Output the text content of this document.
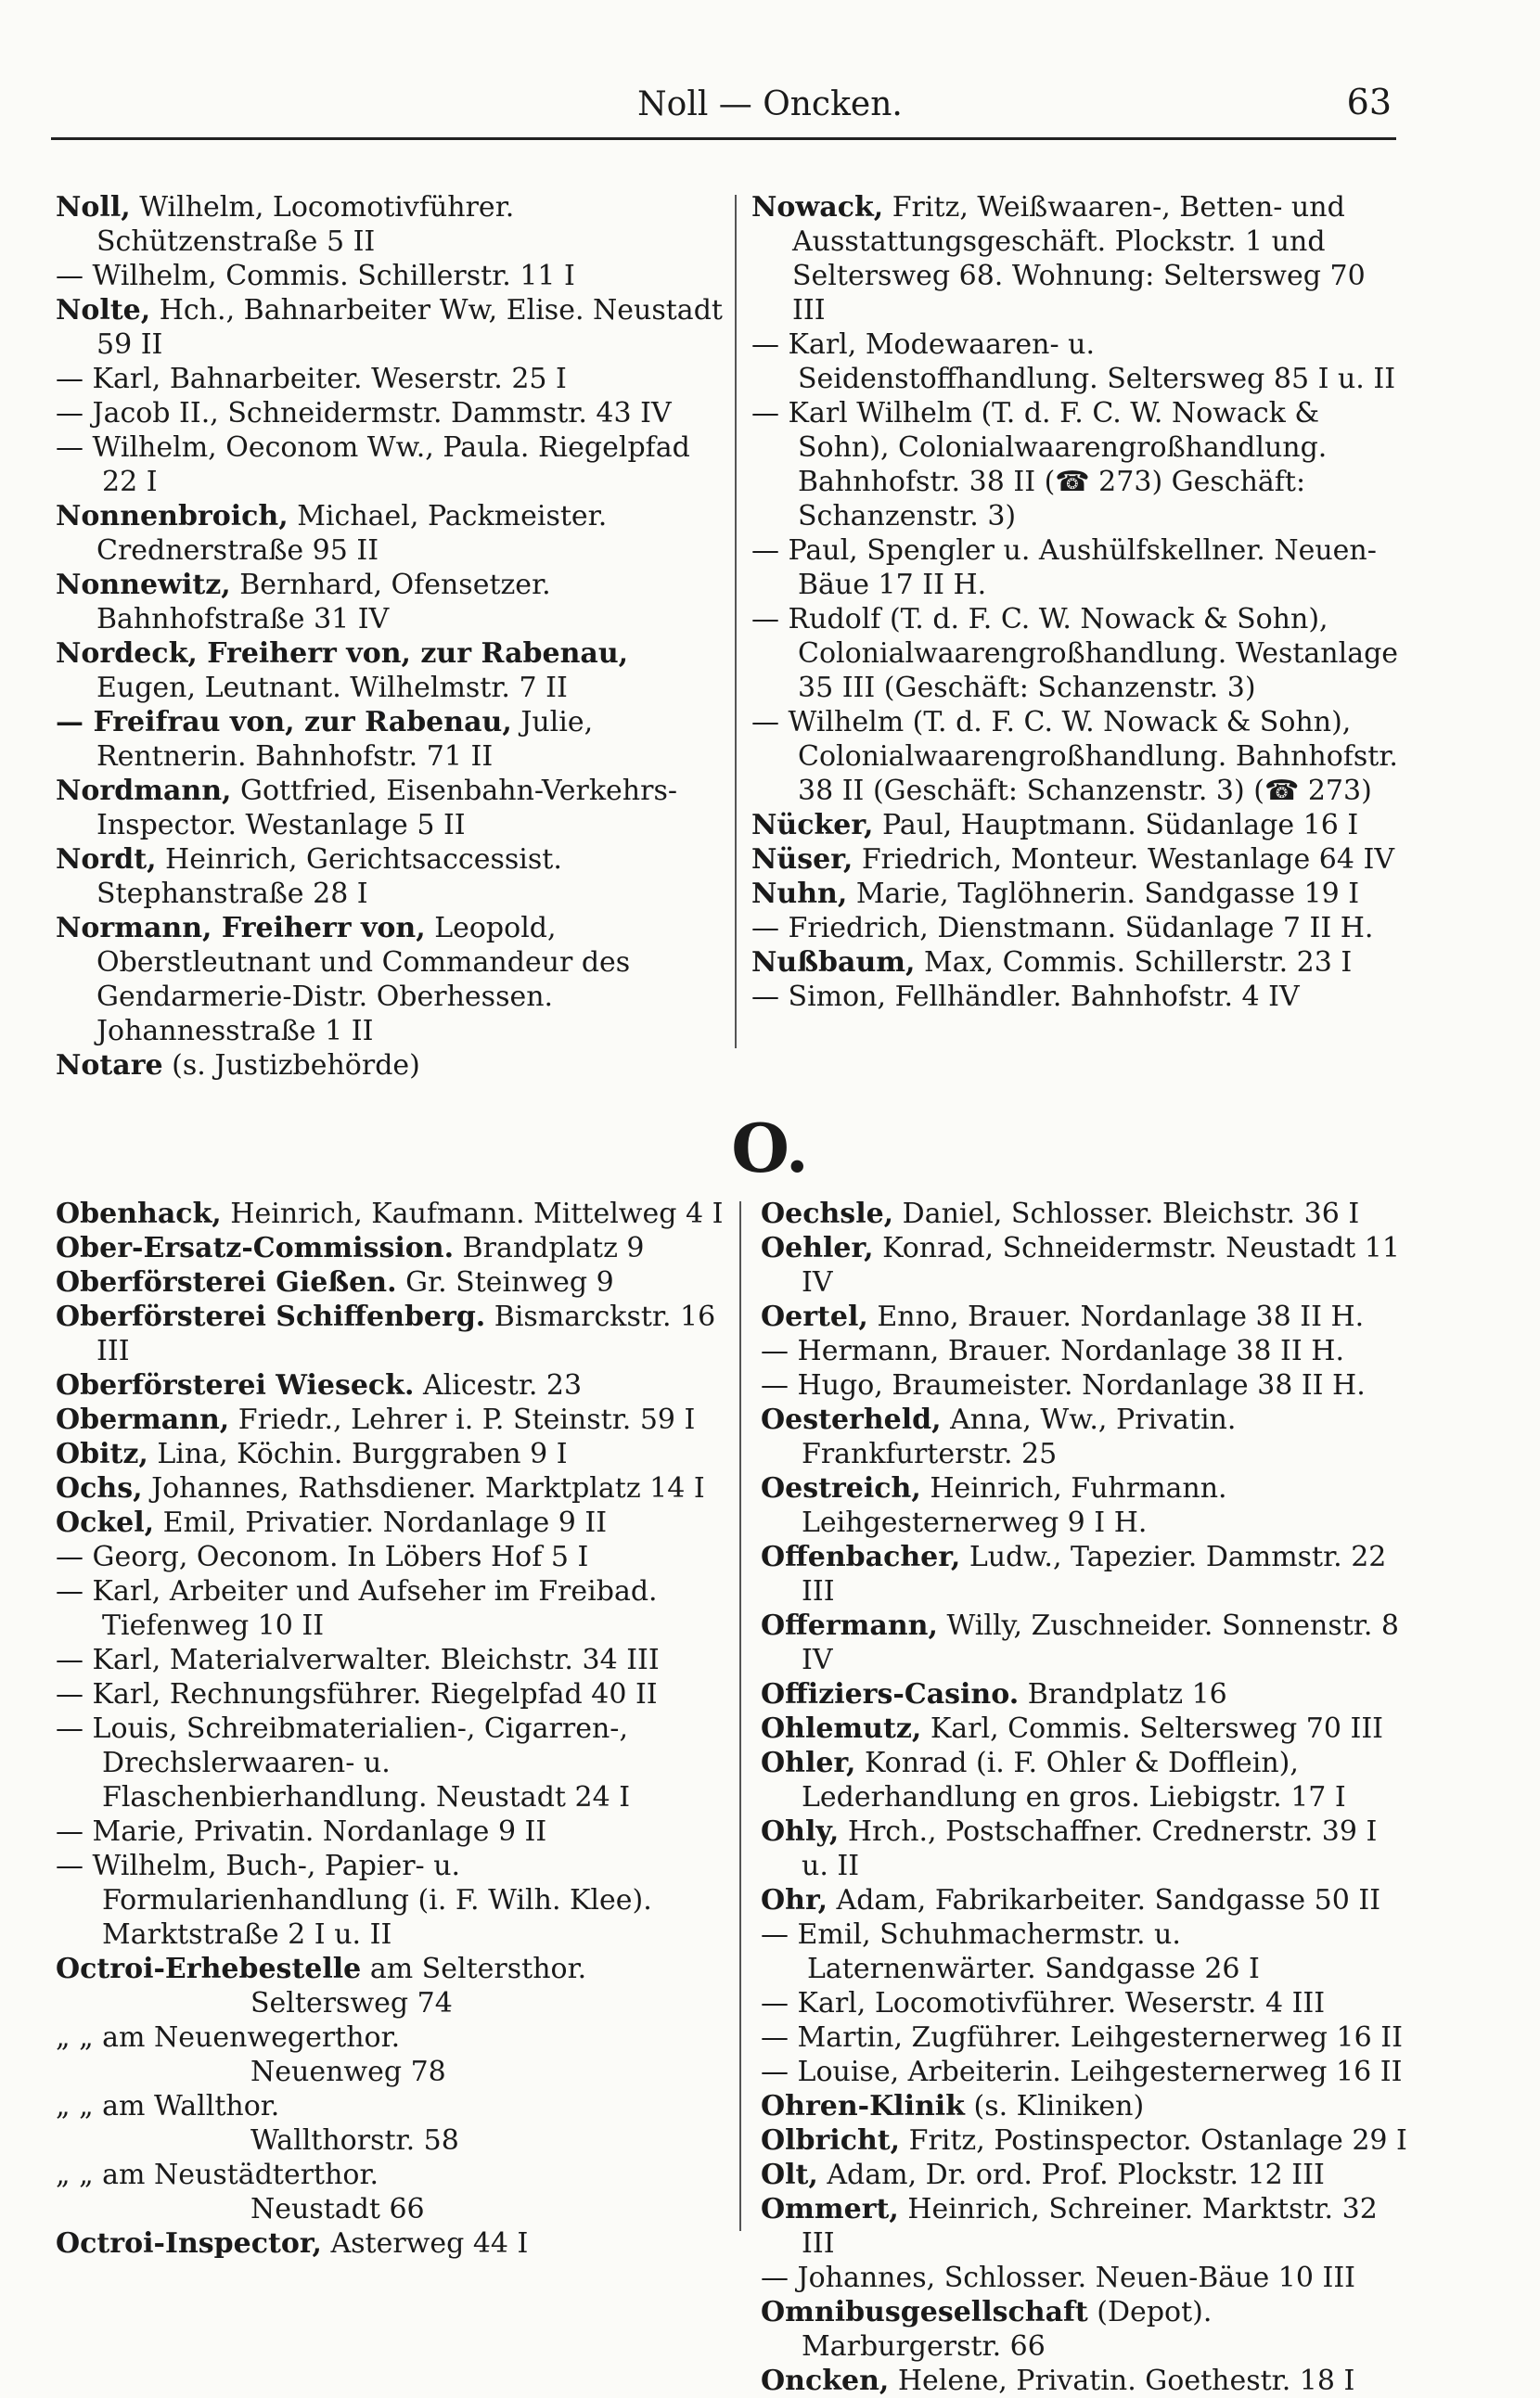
Noll — Oncken.	63

Noll, Wilhelm, Locomotivführer. Schützenstraße 5 II

— Wilhelm, Commis. Schillerstr. 11 I

Nolte, Hch., Bahnarbeiter Ww, Elise. Neustadt 59 II

— Karl, Bahnarbeiter. Weserstr. 25 I

— Jacob II., Schneidermstr. Dammstr. 43 IV

— Wilhelm, Oeconom Ww., Paula. Riegelpfad 22 I

Nonnenbroich, Michael, Packmeister. Crednerstraße 95 II

Nonnewitz, Bernhard, Ofensetzer. Bahnhofstraße 31 IV

Nordeck, Freiherr von, zur Rabenau, Eugen, Leutnant. Wilhelmstr. 7 II

— Freifrau von, zur Rabenau, Julie, Rentnerin. Bahnhofstr. 71 II

Nordmann, Gottfried, Eisenbahn-Verkehrs-Inspector. Westanlage 5 II

Nordt, Heinrich, Gerichtsaccessist. Stephanstraße 28 I

Normann, Freiherr von, Leopold, Oberstleutnant und Commandeur des Gendarmerie-Distr. Oberhessen. Johannesstraße 1 II

Notare (s. Justizbehörde)

Nowack, Fritz, Weißwaaren-, Betten- und Ausstattungsgeschäft. Plockstr. 1 und Seltersweg 68. Wohnung: Seltersweg 70 III

— Karl, Modewaaren- u. Seidenstoffhandlung. Seltersweg 85 I u. II

— Karl Wilhelm (T. d. F. C. W. Nowack & Sohn), Colonialwaarengroßhandlung. Bahnhofstr. 38 II (☎ 273) Geschäft: Schanzenstr. 3)

— Paul, Spengler u. Aushülfskellner. Neuen-Bäue 17 II H.

— Rudolf (T. d. F. C. W. Nowack & Sohn), Colonialwaarengroßhandlung. Westanlage 35 III (Geschäft: Schanzenstr. 3)

— Wilhelm (T. d. F. C. W. Nowack & Sohn), Colonialwaarengroßhandlung. Bahnhofstr. 38 II (Geschäft: Schanzenstr. 3) (☎ 273)

Nücker, Paul, Hauptmann. Südanlage 16 I

Nüser, Friedrich, Monteur. Westanlage 64 IV

Nuhn, Marie, Taglöhnerin. Sandgasse 19 I

— Friedrich, Dienstmann. Südanlage 7 II H.

Nußbaum, Max, Commis. Schillerstr. 23 I

— Simon, Fellhändler. Bahnhofstr. 4 IV

O.

Obenhack, Heinrich, Kaufmann. Mittelweg 4 I

Ober-Ersatz-Commission. Brandplatz 9

Oberförsterei Gießen. Gr. Steinweg 9

Oberförsterei Schiffenberg. Bismarckstr. 16 III

Oberförsterei Wieseck. Alicestr. 23

Obermann, Friedr., Lehrer i. P. Steinstr. 59 I

Obitz, Lina, Köchin. Burggraben 9 I

Ochs, Johannes, Rathsdiener. Marktplatz 14 I

Ockel, Emil, Privatier. Nordanlage 9 II

— Georg, Oeconom. In Löbers Hof 5 I

— Karl, Arbeiter und Aufseher im Freibad. Tiefenweg 10 II

— Karl, Materialverwalter. Bleichstr. 34 III

— Karl, Rechnungsführer. Riegelpfad 40 II

— Louis, Schreibmaterialien-, Cigarren-, Drechslerwaaren- u. Flaschenbierhandlung. Neustadt 24 I

— Marie, Privatin. Nordanlage 9 II

— Wilhelm, Buch-, Papier- u. Formularienhandlung (i. F. Wilh. Klee). Marktstraße 2 I u. II

Octroi-Erhebestelle am Seltersthor.

Seltersweg 74

„ „ am Neuenwegerthor.

Neuenweg 78

„ „ am Wallthor.

Wallthorstr. 58

„ „ am Neustädterthor.

Neustadt 66

Octroi-Inspector, Asterweg 44 I

Oechsle, Daniel, Schlosser. Bleichstr. 36 I

Oehler, Konrad, Schneidermstr. Neustadt 11 IV

Oertel, Enno, Brauer. Nordanlage 38 II H.

— Hermann, Brauer. Nordanlage 38 II H.

— Hugo, Braumeister. Nordanlage 38 II H.

Oesterheld, Anna, Ww., Privatin. Frankfurterstr. 25

Oestreich, Heinrich, Fuhrmann. Leihgesternerweg 9 I H.

Offenbacher, Ludw., Tapezier. Dammstr. 22 III

Offermann, Willy, Zuschneider. Sonnenstr. 8 IV

Offiziers-Casino. Brandplatz 16

Ohlemutz, Karl, Commis. Seltersweg 70 III

Ohler, Konrad (i. F. Ohler & Dofflein), Lederhandlung en gros. Liebigstr. 17 I

Ohly, Hrch., Postschaffner. Crednerstr. 39 I u. II

Ohr, Adam, Fabrikarbeiter. Sandgasse 50 II

— Emil, Schuhmachermstr. u. Laternenwärter. Sandgasse 26 I

— Karl, Locomotivführer. Weserstr. 4 III

— Martin, Zugführer. Leihgesternerweg 16 II

— Louise, Arbeiterin. Leihgesternerweg 16 II

Ohren-Klinik (s. Kliniken)

Olbricht, Fritz, Postinspector. Ostanlage 29 I

Olt, Adam, Dr. ord. Prof. Plockstr. 12 III

Ommert, Heinrich, Schreiner. Marktstr. 32 III

— Johannes, Schlosser. Neuen-Bäue 10 III

Omnibusgesellschaft (Depot). Marburgerstr. 66

Oncken, Helene, Privatin. Goethestr. 18 I
